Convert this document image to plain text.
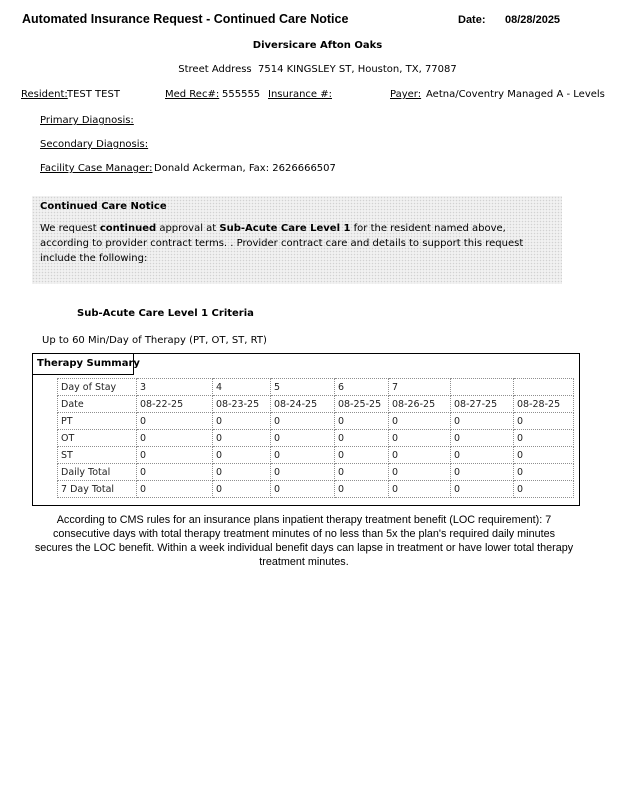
Automated Insurance Request - Continued Care Notice	Date: 08/28/2025
Diversicare Afton Oaks
Street Address 7514 KINGSLEY ST, Houston, TX, 77087
Resident: TEST TEST	Med Rec#: 555555 Insurance #:	Payer: Aetna/Coventry Managed A - Levels
Primary Diagnosis:
Secondary Diagnosis:
Facility Case Manager: Donald Ackerman, Fax: 2626666507
Continued Care Notice
We request continued approval at Sub-Acute Care Level 1 for the resident named above, according to provider contract terms. . Provider contract care and details to support this request include the following:
Sub-Acute Care Level 1 Criteria
Up to 60 Min/Day of Therapy (PT, OT, ST, RT)
Therapy Summary
Day of Stay	3	4	5	6	7		
Date	08-22-25	08-23-25	08-24-25	08-25-25	08-26-25	08-27-25	08-28-25
PT	0	0	0	0	0	0	0
OT	0	0	0	0	0	0	0
ST	0	0	0	0	0	0	0
Daily Total	0	0	0	0	0	0	0
7 Day Total	0	0	0	0	0	0	0
According to CMS rules for an insurance plans inpatient therapy treatment benefit (LOC requirement): 7 consecutive days with total therapy treatment minutes of no less than 5x the plan's required daily minutes secures the LOC benefit. Within a week individual benefit days can lapse in treatment or have lower total therapy treatment minutes.
